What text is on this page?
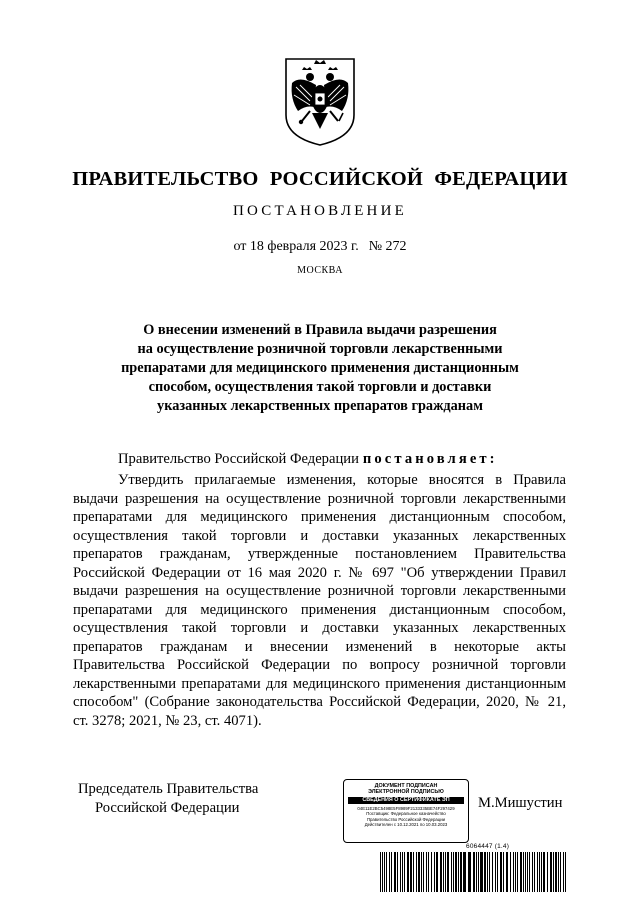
ПРАВИТЕЛЬСТВО РОССИЙСКОЙ ФЕДЕРАЦИИ
ПОСТАНОВЛЕНИЕ
от 18 февраля 2023 г. № 272
МОСКВА
О внесении изменений в Правила выдачи разрешения
на осуществление розничной торговли лекарственными
препаратами для медицинского применения дистанционным
способом, осуществления такой торговли и доставки
указанных лекарственных препаратов гражданам
Правительство Российской Федерации постановляет:
Утвердить прилагаемые изменения, которые вносятся в Правила
выдачи разрешения на осуществление розничной торговли лекарственными
препаратами для медицинского применения дистанционным способом,
осуществления такой торговли и доставки указанных лекарственных
препаратов гражданам, утвержденные постановлением Правительства
Российской Федерации от 16 мая 2020 г. № 697 "Об утверждении Правил
выдачи разрешения на осуществление розничной торговли лекарственными
препаратами для медицинского применения дистанционным способом,
осуществления такой торговли и доставки указанных лекарственных
препаратов гражданам и внесении изменений в некоторые акты
Правительства Российской Федерации по вопросу розничной торговли
лекарственными препаратами для медицинского применения дистанционным
способом" (Собрание законодательства Российской Федерации, 2020, № 21,
ст. 3278; 2021, № 23, ст. 4071).
Председатель Правительства
Российской Федерации
ДОКУМЕНТ ПОДПИСАН
ЭЛЕКТРОННОЙ ПОДПИСЬЮ
СВЕДЕНИЯ О СЕРТИФИКАТЕ ЭП
04E11E2BC5498E5F8989F2133335BE74F297429
Поставщик: Федеральное казначейство
Правительство Российской Федерации
Действителен с 10.12.2021 по 10.03.2023
М.Мишустин
6064447 (1.4)
